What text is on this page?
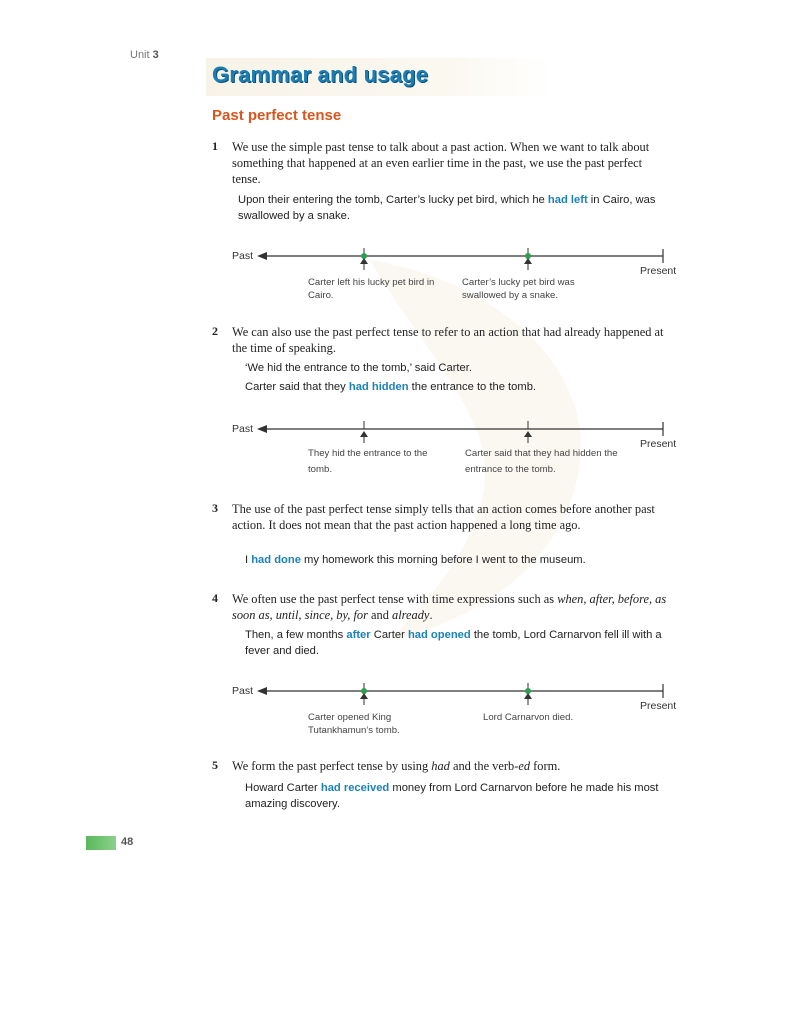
Unit 3
Grammar and usage
Past perfect tense
1 We use the simple past tense to talk about a past action. When we want to talk about something that happened at an even earlier time in the past, we use the past perfect tense.
Upon their entering the tomb, Carter’s lucky pet bird, which he had left in Cairo, was swallowed by a snake.
Past
Present
Carter left his lucky pet bird in Cairo.
Carter’s lucky pet bird was swallowed by a snake.
2 We can also use the past perfect tense to refer to an action that had already happened at the time of speaking.
‘We hid the entrance to the tomb,’ said Carter.
Carter said that they had hidden the entrance to the tomb.
Past
Present
They hid the entrance to the tomb.
Carter said that they had hidden the entrance to the tomb.
3 The use of the past perfect tense simply tells that an action comes before another past action. It does not mean that the past action happened a long time ago.
I had done my homework this morning before I went to the museum.
4 We often use the past perfect tense with time expressions such as when, after, before, as soon as, until, since, by, for and already.
Then, a few months after Carter had opened the tomb, Lord Carnarvon fell ill with a fever and died.
Past
Present
Carter opened King Tutankhamun’s tomb.
Lord Carnarvon died.
5 We form the past perfect tense by using had and the verb-ed form.
Howard Carter had received money from Lord Carnarvon before he made his most amazing discovery.
48
